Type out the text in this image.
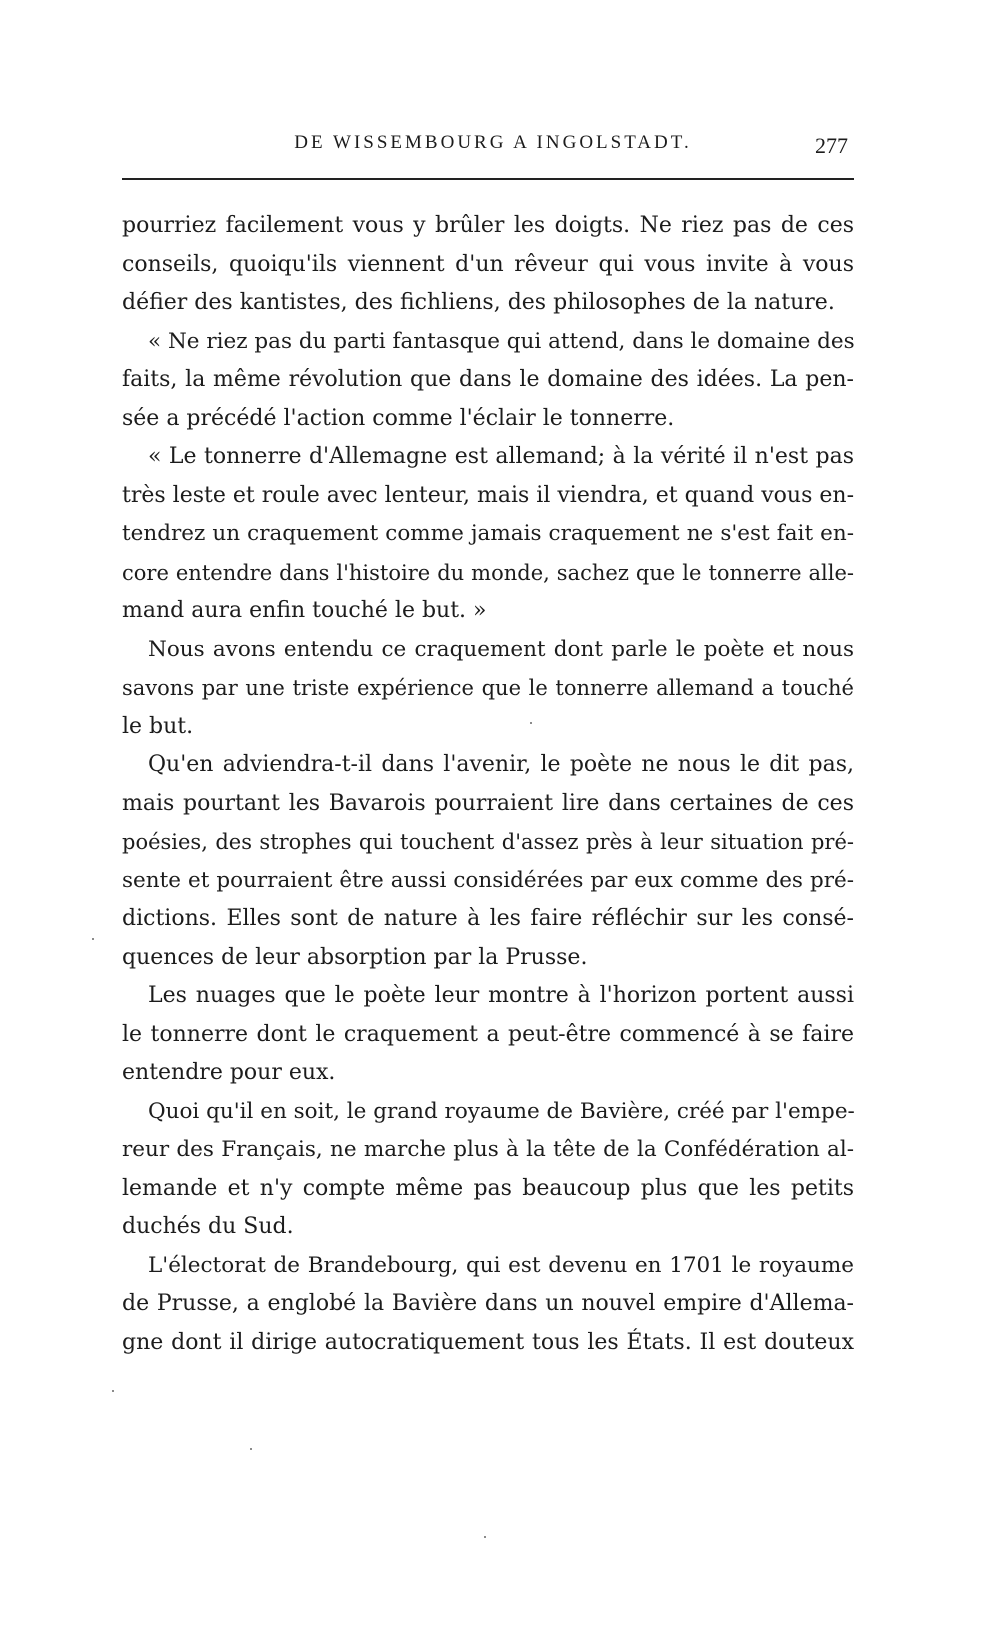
DE WISSEMBOURG A INGOLSTADT.	277
pourriez facilement vous y brûler les doigts. Ne riez pas de ces
conseils, quoiqu'ils viennent d'un rêveur qui vous invite à vous
défier des kantistes, des fichliens, des philosophes de la nature.
« Ne riez pas du parti fantasque qui attend, dans le domaine des
faits, la même révolution que dans le domaine des idées. La pen-
sée a précédé l'action comme l'éclair le tonnerre.
« Le tonnerre d'Allemagne est allemand; à la vérité il n'est pas
très leste et roule avec lenteur, mais il viendra, et quand vous en-
tendrez un craquement comme jamais craquement ne s'est fait en-
core entendre dans l'histoire du monde, sachez que le tonnerre alle-
mand aura enfin touché le but. »
Nous avons entendu ce craquement dont parle le poète et nous
savons par une triste expérience que le tonnerre allemand a touché
le but.
Qu'en adviendra-t-il dans l'avenir, le poète ne nous le dit pas,
mais pourtant les Bavarois pourraient lire dans certaines de ces
poésies, des strophes qui touchent d'assez près à leur situation pré-
sente et pourraient être aussi considérées par eux comme des pré-
dictions. Elles sont de nature à les faire réfléchir sur les consé-
quences de leur absorption par la Prusse.
Les nuages que le poète leur montre à l'horizon portent aussi
le tonnerre dont le craquement a peut-être commencé à se faire
entendre pour eux.
Quoi qu'il en soit, le grand royaume de Bavière, créé par l'empe-
reur des Français, ne marche plus à la tête de la Confédération al-
lemande et n'y compte même pas beaucoup plus que les petits
duchés du Sud.
L'électorat de Brandebourg, qui est devenu en 1701 le royaume
de Prusse, a englobé la Bavière dans un nouvel empire d'Allema-
gne dont il dirige autocratiquement tous les États. Il est douteux
